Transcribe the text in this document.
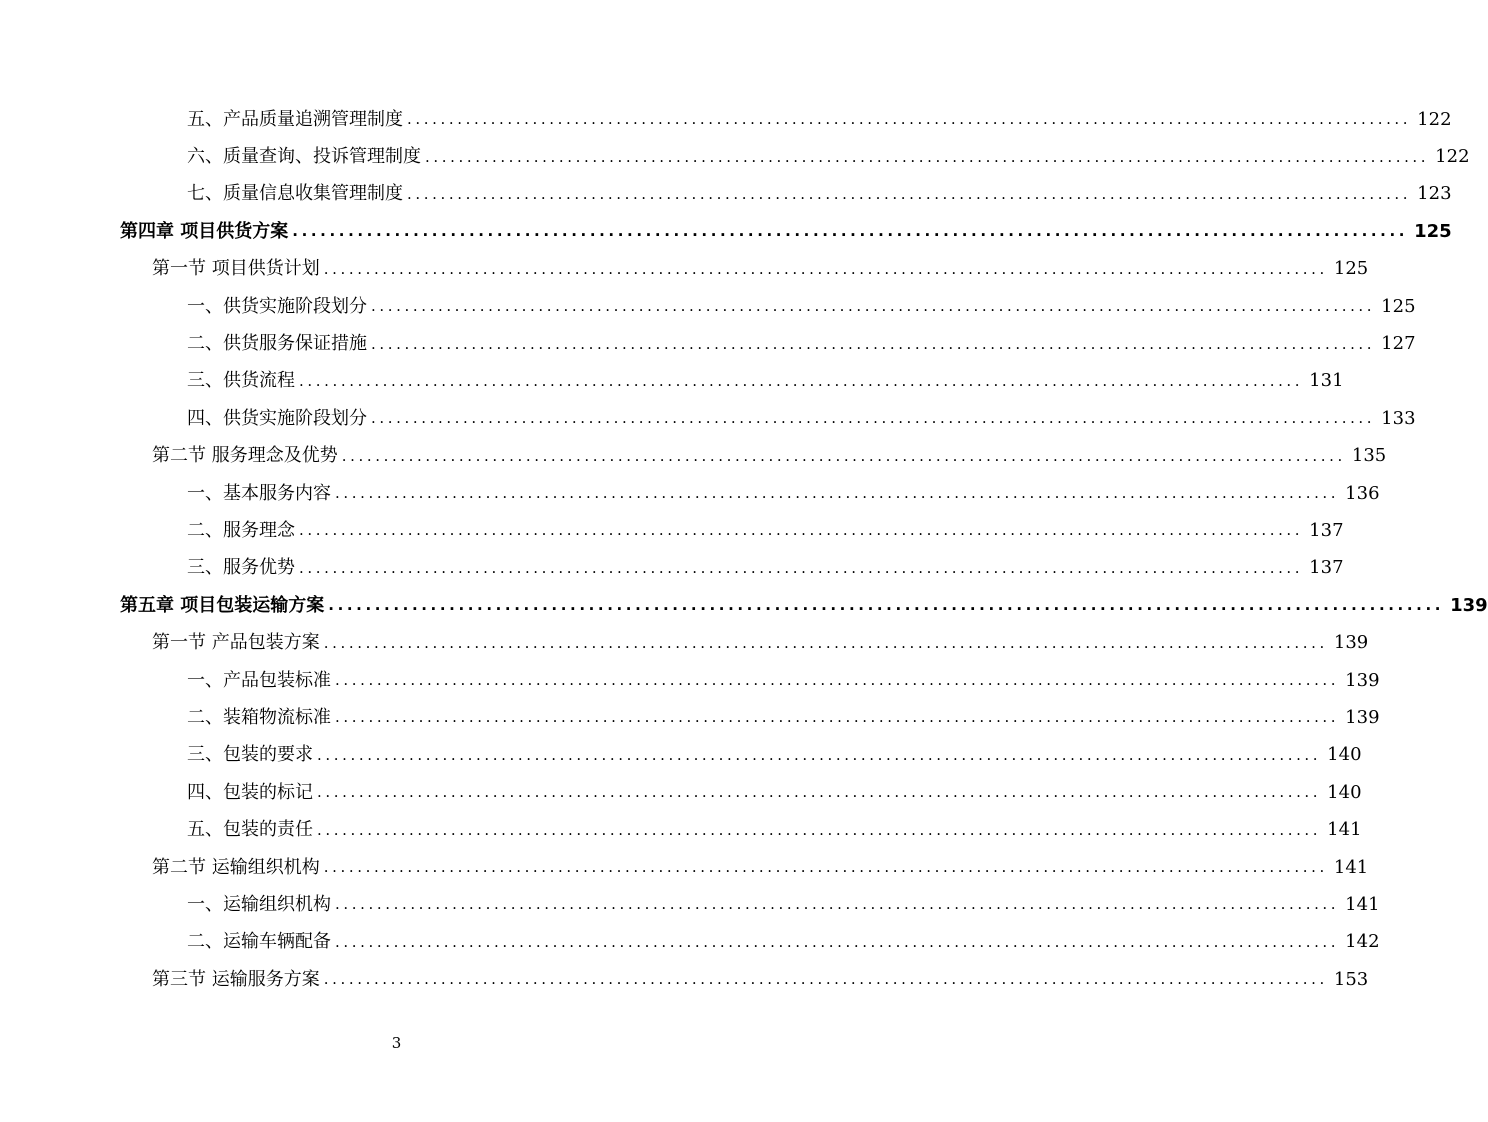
五、产品质量追溯管理制度 ........................................................................................................................ 122
六、质量查询、投诉管理制度 ........................................................................................................................ 122
七、质量信息收集管理制度 ........................................................................................................................ 123
第四章 项目供货方案 ........................................................................................................................ 125
第一节 项目供货计划 ........................................................................................................................ 125
一、供货实施阶段划分 ........................................................................................................................ 125
二、供货服务保证措施 ........................................................................................................................ 127
三、供货流程 ........................................................................................................................ 131
四、供货实施阶段划分 ........................................................................................................................ 133
第二节 服务理念及优势 ........................................................................................................................ 135
一、基本服务内容 ........................................................................................................................ 136
二、服务理念 ........................................................................................................................ 137
三、服务优势 ........................................................................................................................ 137
第五章 项目包装运输方案 ........................................................................................................................ 139
第一节 产品包装方案 ........................................................................................................................ 139
一、产品包装标准 ........................................................................................................................ 139
二、装箱物流标准 ........................................................................................................................ 139
三、包装的要求 ........................................................................................................................ 140
四、包装的标记 ........................................................................................................................ 140
五、包装的责任 ........................................................................................................................ 141
第二节 运输组织机构 ........................................................................................................................ 141
一、运输组织机构 ........................................................................................................................ 141
二、运输车辆配备 ........................................................................................................................ 142
第三节 运输服务方案 ........................................................................................................................ 153
3
